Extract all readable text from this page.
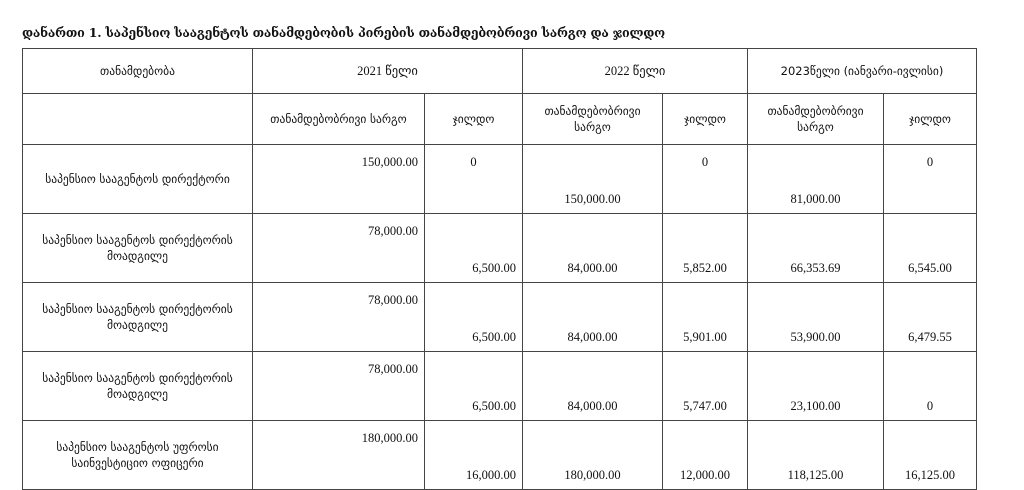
დანართი 1. საპენსიო სააგენტოს თანამდებობის პირების თანამდებობრივი სარგო და ჯილდო
თანამდებობა	2021 წელი		2022 წელი		2023წელი (იანვარი-ივლისი)	
	თანამდებობრივი სარგო	ჯილდო	თანამდებობრივი სარგო	ჯილდო	თანამდებობრივი სარგო	ჯილდო
საპენსიო სააგენტოს დირექტორი	150,000.00	0	150,000.00	0	81,000.00	0
საპენსიო სააგენტოს დირექტორის მოადგილე	78,000.00	6,500.00	84,000.00	5,852.00	66,353.69	6,545.00
საპენსიო სააგენტოს დირექტორის მოადგილე	78,000.00	6,500.00	84,000.00	5,901.00	53,900.00	6,479.55
საპენსიო სააგენტოს დირექტორის მოადგილე	78,000.00	6,500.00	84,000.00	5,747.00	23,100.00	0
საპენსიო სააგენტოს უფროსი საინვესტიციო ოფიცერი	180,000.00	16,000.00	180,000.00	12,000.00	118,125.00	16,125.00
